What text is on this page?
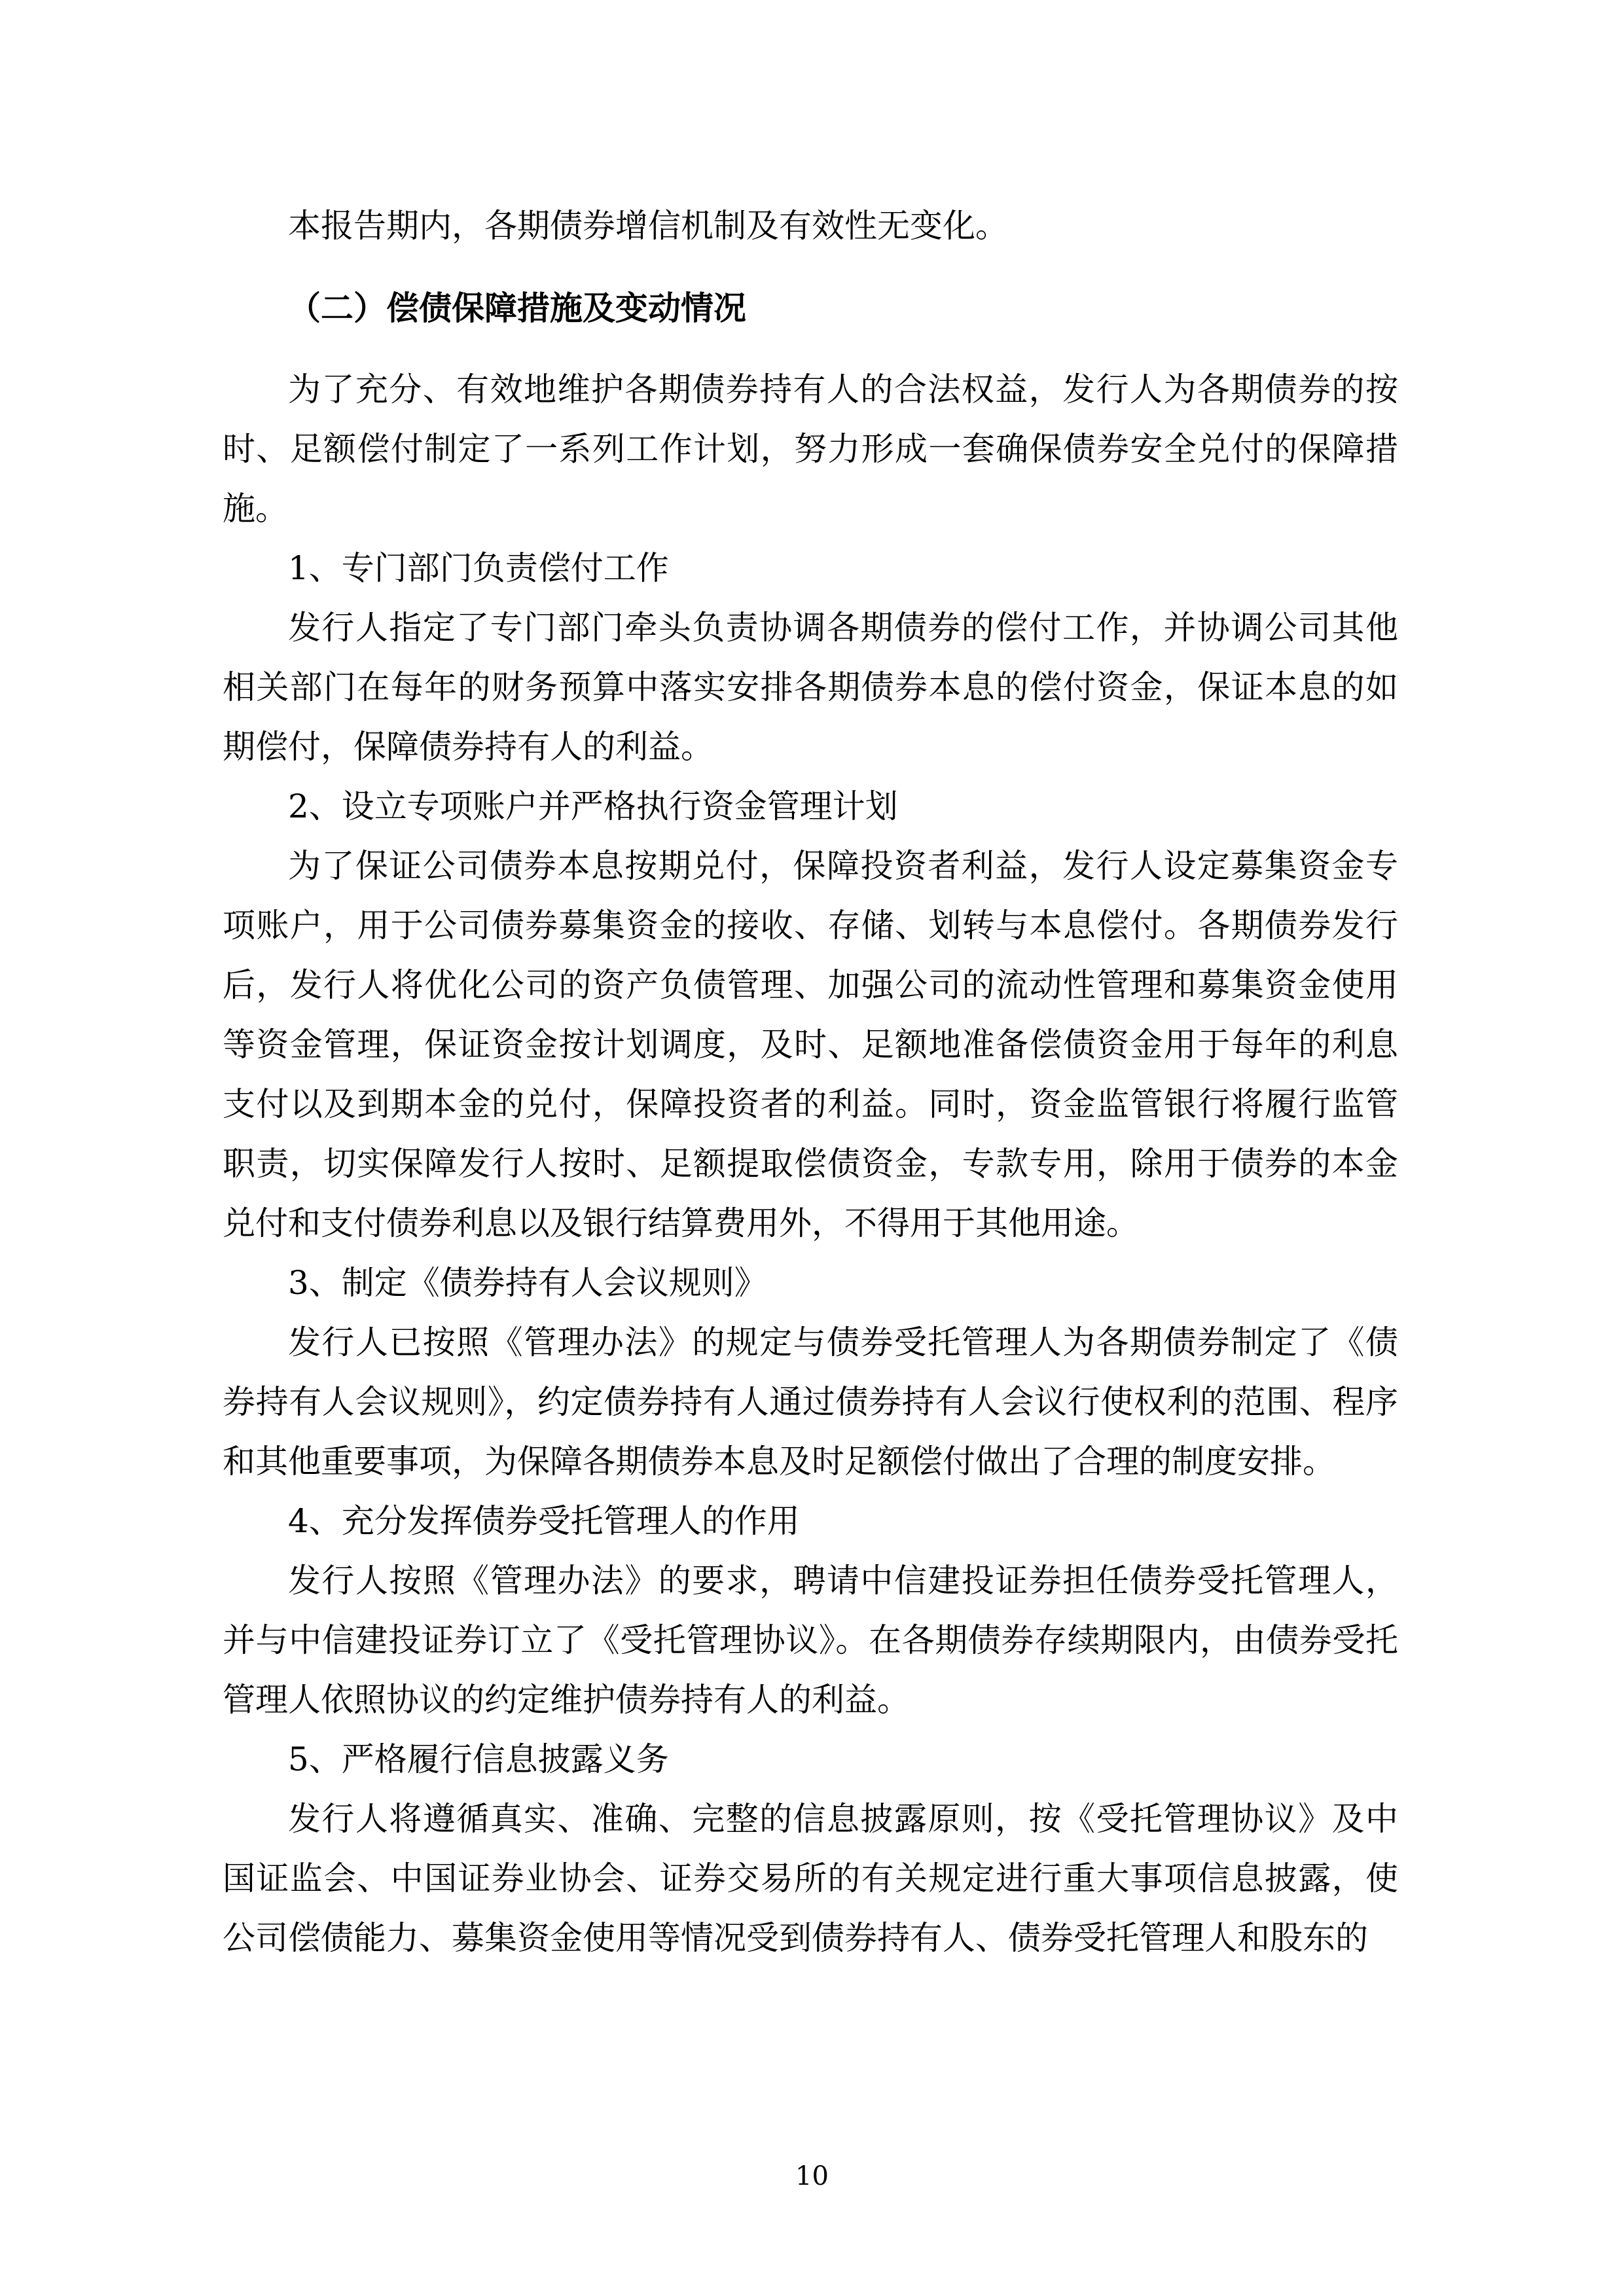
本报告期内，各期债券增信机制及有效性无变化。

（二）偿债保障措施及变动情况

为了充分、有效地维护各期债券持有人的合法权益，发行人为各期债券的按时、足额偿付制定了一系列工作计划，努力形成一套确保债券安全兑付的保障措施。

1、专门部门负责偿付工作

发行人指定了专门部门牵头负责协调各期债券的偿付工作，并协调公司其他相关部门在每年的财务预算中落实安排各期债券本息的偿付资金，保证本息的如期偿付，保障债券持有人的利益。

2、设立专项账户并严格执行资金管理计划

为了保证公司债券本息按期兑付，保障投资者利益，发行人设定募集资金专项账户，用于公司债券募集资金的接收、存储、划转与本息偿付。各期债券发行后，发行人将优化公司的资产负债管理、加强公司的流动性管理和募集资金使用等资金管理，保证资金按计划调度，及时、足额地准备偿债资金用于每年的利息支付以及到期本金的兑付，保障投资者的利益。同时，资金监管银行将履行监管职责，切实保障发行人按时、足额提取偿债资金，专款专用，除用于债券的本金兑付和支付债券利息以及银行结算费用外，不得用于其他用途。

3、制定《债券持有人会议规则》

发行人已按照《管理办法》的规定与债券受托管理人为各期债券制定了《债券持有人会议规则》，约定债券持有人通过债券持有人会议行使权利的范围、程序和其他重要事项，为保障各期债券本息及时足额偿付做出了合理的制度安排。

4、充分发挥债券受托管理人的作用

发行人按照《管理办法》的要求，聘请中信建投证券担任债券受托管理人，并与中信建投证券订立了《受托管理协议》。在各期债券存续期限内，由债券受托管理人依照协议的约定维护债券持有人的利益。

5、严格履行信息披露义务

发行人将遵循真实、准确、完整的信息披露原则，按《受托管理协议》及中国证监会、中国证券业协会、证券交易所的有关规定进行重大事项信息披露，使公司偿债能力、募集资金使用等情况受到债券持有人、债券受托管理人和股东的

10
